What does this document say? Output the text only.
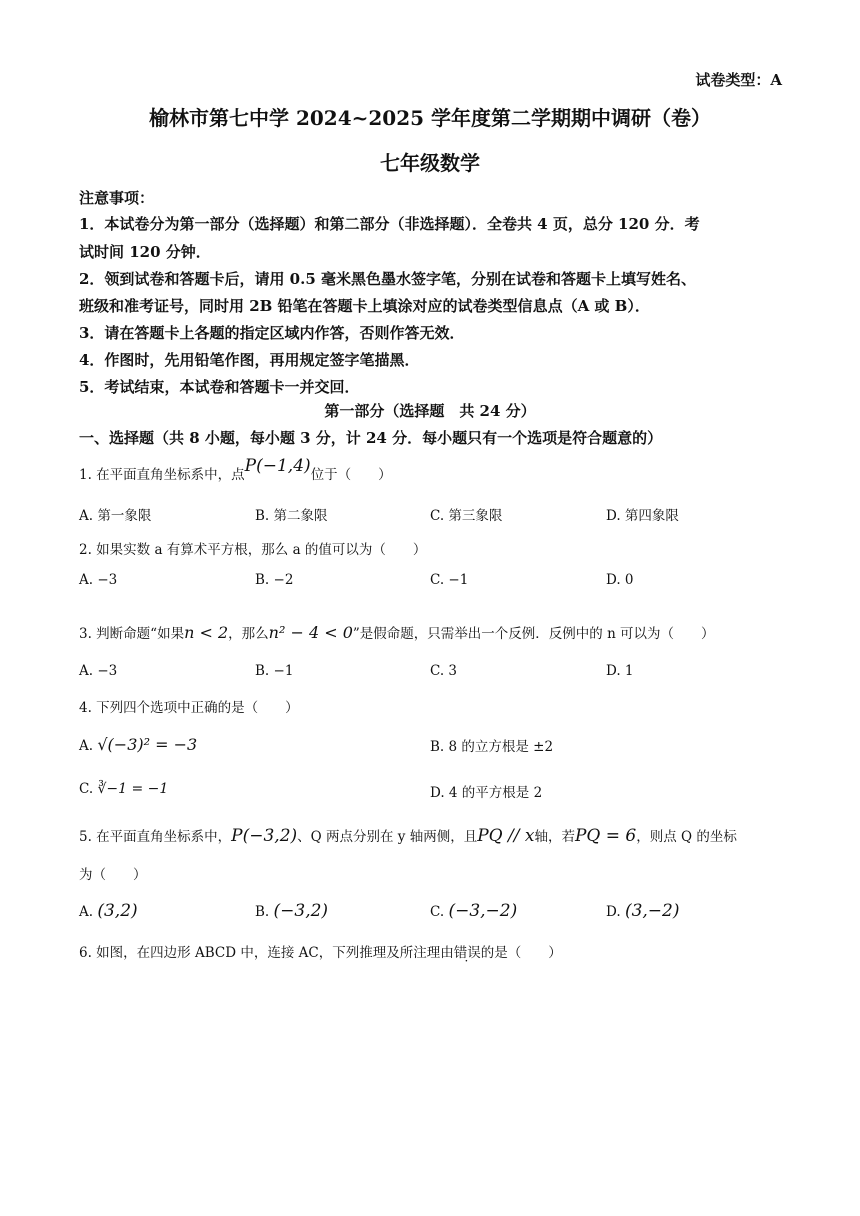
试卷类型：A
榆林市第七中学 2024~2025 学年度第二学期期中调研（卷）
七年级数学
注意事项：
1．本试卷分为第一部分（选择题）和第二部分（非选择题）．全卷共 4 页，总分 120 分．考
试时间 120 分钟．
2．领到试卷和答题卡后，请用 0.5 毫米黑色墨水签字笔，分别在试卷和答题卡上填写姓名、
班级和准考证号，同时用 2B 铅笔在答题卡上填涂对应的试卷类型信息点（A 或 B）．
3．请在答题卡上各题的指定区域内作答，否则作答无效．
4．作图时，先用铅笔作图，再用规定签字笔描黑．
5．考试结束，本试卷和答题卡一并交回．
第一部分（选择题　共 24 分）
一、选择题（共 8 小题，每小题 3 分，计 24 分．每小题只有一个选项是符合题意的）
1. 在平面直角坐标系中，点P(−1,4)位于（　　）
A. 第一象限	B. 第二象限	C. 第三象限	D. 第四象限
2. 如果实数 a 有算术平方根，那么 a 的值可以为（　　）
A. −3	B. −2	C. −1	D. 0
3. 判断命题“如果n < 2，那么n² − 4 < 0”是假命题，只需举出一个反例．反例中的 n 可以为（　　）
A. −3	B. −1	C. 3	D. 1
4. 下列四个选项中正确的是（　　）
A. √(−3)² = −3	B. 8 的立方根是 ±2
C. ∛−1 = −1	D. 4 的平方根是 2
5. 在平面直角坐标系中，P(−3,2)、Q 两点分别在 y 轴两侧，且PQ // x轴，若PQ = 6，则点 Q 的坐标
为（　　）
A. (3,2)	B. (−3,2)	C. (−3,−2)	D. (3,−2)
6. 如图，在四边形 ABCD 中，连接 AC，下列推理及所注理由错误的是（　　）
